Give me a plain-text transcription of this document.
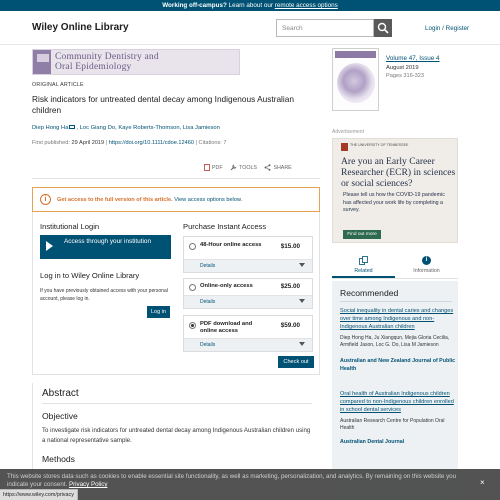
Working off-campus? Learn about our remote access options
Wiley Online Library	Search	Login / Register
Community Dentistry and
Oral Epidemiology
ORIGINAL ARTICLE
Risk indicators for untreated dental decay among Indigenous Australian children
Diep Hong Ha , Loc Giang Do, Kaye Roberts-Thomson, Lisa Jamieson
First published: 29 April 2019 | https://doi.org/10.1111/cdoe.12460 | Citations: 7
PDF	TOOLS	SHARE
i	Get access to the full version of this article. View access options below.
Institutional Login
Access through your institution
Log in to Wiley Online Library
If you have previously obtained access with your personal account, please log in.
Log in
Purchase Instant Access
48-Hour online access	$15.00
Details
Online-only access	$25.00
Details
PDF download and online access
$59.00
Details
Check out
Abstract
Objective
To investigate risk indicators for untreated dental decay among Indigenous Australian children using a national representative sample.
Methods
Volume 47, Issue 4
August 2019
Pages 316-323
Advertisement
THE UNIVERSITY OF TENNESSEE
Are you an Early Career Researcher (ECR) in sciences or social sciences?
Please tell us how the COVID-19 pandemic has affected your work life by completing a survey.
Find out more
Related
i
Information
Recommended
Social inequality in dental caries and changes over time among Indigenous and non-Indigenous Australian children
Diep Hong Ha, Ju Xiangqun, Mejia Gloria Cecilia, Armfield Jason, Loc G. Do, Lisa M Jamieson
Australian and New Zealand Journal of Public Health
Oral health of Australian Indigenous children compared to non-Indigenous children enrolled in school dental services
Australian Research Centre for Population Oral Health
Australian Dental Journal
This website stores data such as cookies to enable essential site functionality, as well as marketing, personalization, and analytics. By remaining on this website you indicate your consent. Privacy Policy	×
https://www.wiley.com/privacy
